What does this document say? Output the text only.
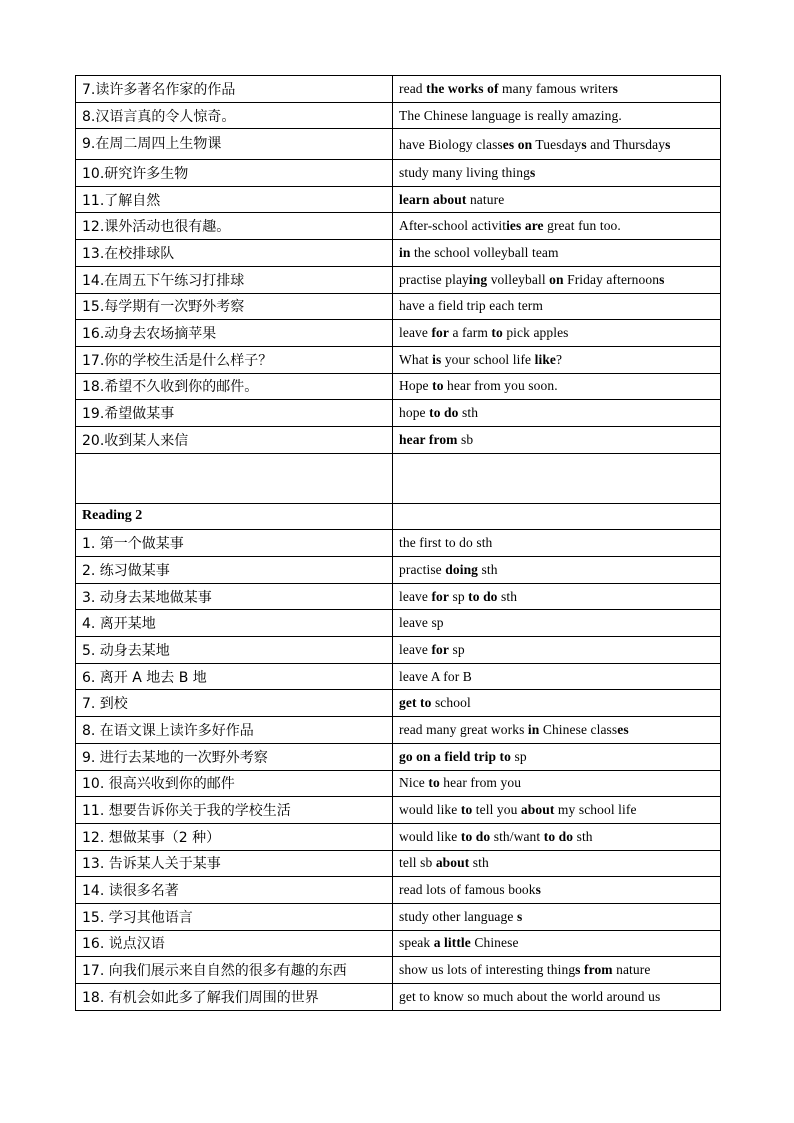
7.读许多著名作家的作品	read the works of many famous writers
8.汉语言真的令人惊奇。	The Chinese language is really amazing.
9.在周二周四上生物课	have Biology classes on Tuesdays and Thursdays
10.研究许多生物	study many living things
11.了解自然	learn about nature
12.课外活动也很有趣。	After-school activities are great fun too.
13.在校排球队	in the school volleyball team
14.在周五下午练习打排球	practise playing volleyball on Friday afternoons
15.每学期有一次野外考察	have a field trip each term
16.动身去农场摘苹果	leave for a farm to pick apples
17.你的学校生活是什么样子？	What is your school life like?
18.希望不久收到你的邮件。	Hope to hear from you soon.
19.希望做某事	hope to do sth
20.收到某人来信	hear from sb

Reading 2	
1. 第一个做某事	the first to do sth
2. 练习做某事	practise doing sth
3. 动身去某地做某事	leave for sp to do sth
4. 离开某地	leave sp
5. 动身去某地	leave for sp
6. 离开 A 地去 B 地	leave A for B
7. 到校	get to school
8. 在语文课上读许多好作品	read many great works in Chinese classes
9. 进行去某地的一次野外考察	go on a field trip to sp
10. 很高兴收到你的邮件	Nice to hear from you
11. 想要告诉你关于我的学校生活	would like to tell you about my school life
12. 想做某事（2 种）	would like to do sth/want to do sth
13. 告诉某人关于某事	tell sb about sth
14. 读很多名著	read lots of famous books
15. 学习其他语言	study other language s
16. 说点汉语	speak a little Chinese
17. 向我们展示来自自然的很多有趣的东西	show us lots of interesting things from nature
18. 有机会如此多了解我们周围的世界	get to know so much about the world around us
